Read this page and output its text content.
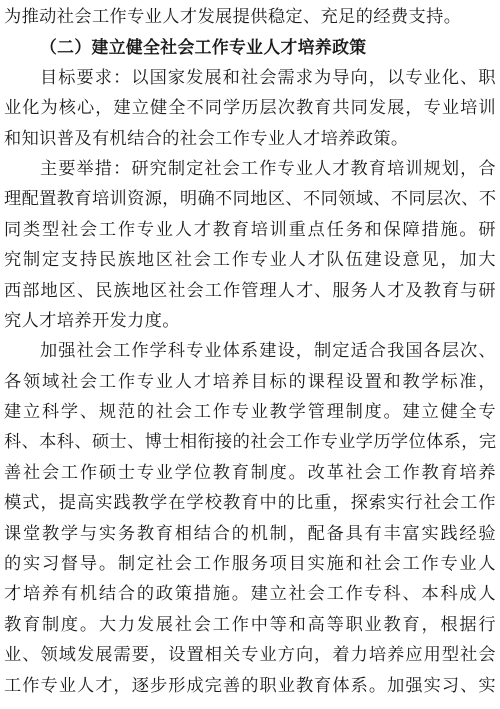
为推动社会工作专业人才发展提供稳定、充足的经费支持。
（二）建立健全社会工作专业人才培养政策
目标要求：以国家发展和社会需求为导向，以专业化、职
业化为核心，建立健全不同学历层次教育共同发展，专业培训
和知识普及有机结合的社会工作专业人才培养政策。
主要举措：研究制定社会工作专业人才教育培训规划，合
理配置教育培训资源，明确不同地区、不同领域、不同层次、不
同类型社会工作专业人才教育培训重点任务和保障措施。研
究制定支持民族地区社会工作专业人才队伍建设意见，加大
西部地区、民族地区社会工作管理人才、服务人才及教育与研
究人才培养开发力度。
加强社会工作学科专业体系建设，制定适合我国各层次、
各领域社会工作专业人才培养目标的课程设置和教学标准，
建立科学、规范的社会工作专业教学管理制度。建立健全专
科、本科、硕士、博士相衔接的社会工作专业学历学位体系，完
善社会工作硕士专业学位教育制度。改革社会工作教育培养
模式，提高实践教学在学校教育中的比重，探索实行社会工作
课堂教学与实务教育相结合的机制，配备具有丰富实践经验
的实习督导。制定社会工作服务项目实施和社会工作专业人
才培养有机结合的政策措施。建立社会工作专科、本科成人
教育制度。大力发展社会工作中等和高等职业教育，根据行
业、领域发展需要，设置相关专业方向，着力培养应用型社会
工作专业人才，逐步形成完善的职业教育体系。加强实习、实
